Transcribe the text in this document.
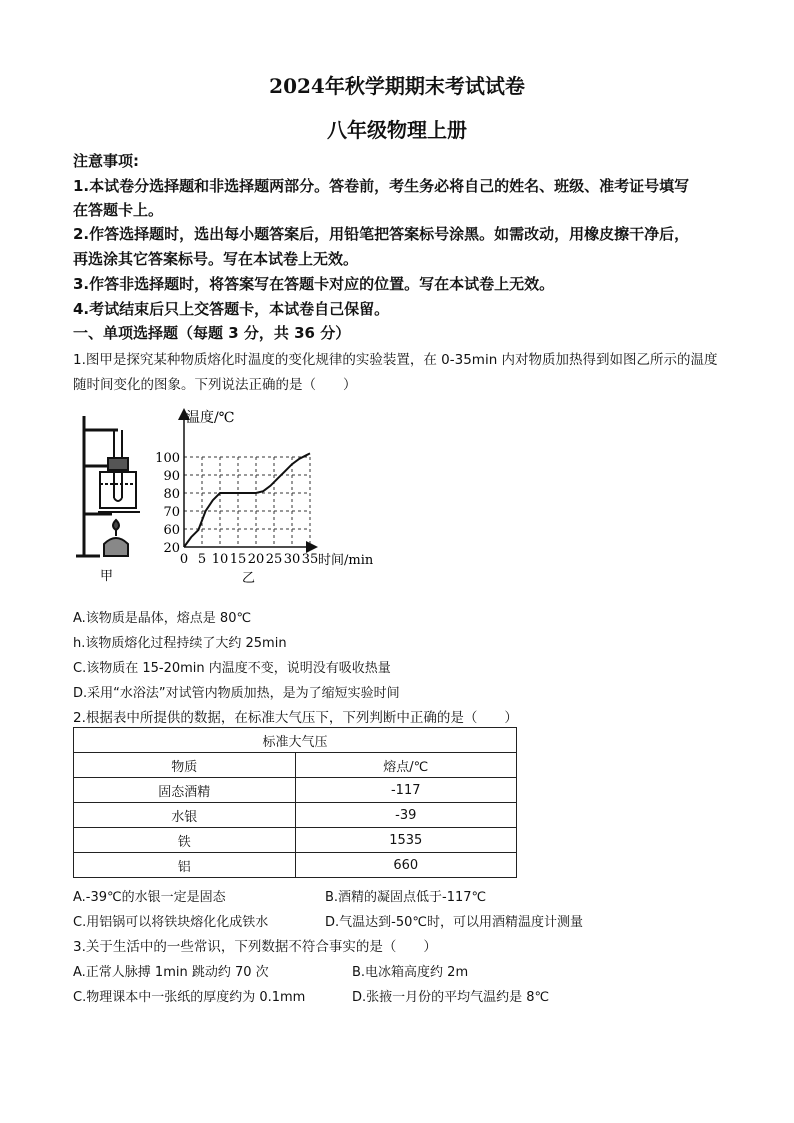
2024年秋学期期末考试试卷
八年级物理上册
注意事项:
1.本试卷分选择题和非选择题两部分。答卷前，考生务必将自己的姓名、班级、准考证号填写
在答题卡上。
2.作答选择题时，选出每小题答案后，用铅笔把答案标号涂黑。如需改动，用橡皮擦干净后，
再选涂其它答案标号。写在本试卷上无效。
3.作答非选择题时，将答案写在答题卡对应的位置。写在本试卷上无效。
4.考试结束后只上交答题卡，本试卷自己保留。
一、单项选择题（每题 3 分，共 36 分）
1.图甲是探究某种物质熔化时温度的变化规律的实验装置，在 0-35min 内对物质加热得到如图乙所示的温度
随时间变化的图象。下列说法正确的是（　　）
甲
温度/℃
时间/min
20
60
70
80
90
100
0 5 10 15 20 25 30 35
乙
A.该物质是晶体，熔点是 80℃
h.该物质熔化过程持续了大约 25min
C.该物质在 15-20min 内温度不变，说明没有吸收热量
D.采用“水浴法”对试管内物质加热，是为了缩短实验时间
2.根据表中所提供的数据，在标准大气压下，下列判断中正确的是（　　）
标准大气压	
物质	熔点/℃
固态酒精	-117
水银	-39
铁	1535
铝	660
A.-39℃的水银一定是固态	B.酒精的凝固点低于-117℃
C.用铝锅可以将铁块熔化化成铁水	D.气温达到-50℃时，可以用酒精温度计测量
3.关于生活中的一些常识，下列数据不符合事实的是（　　）
A.正常人脉搏 1min 跳动约 70 次	B.电冰箱高度约 2m
C.物理课本中一张纸的厚度约为 0.1mm	D.张掖一月份的平均气温约是 8℃
